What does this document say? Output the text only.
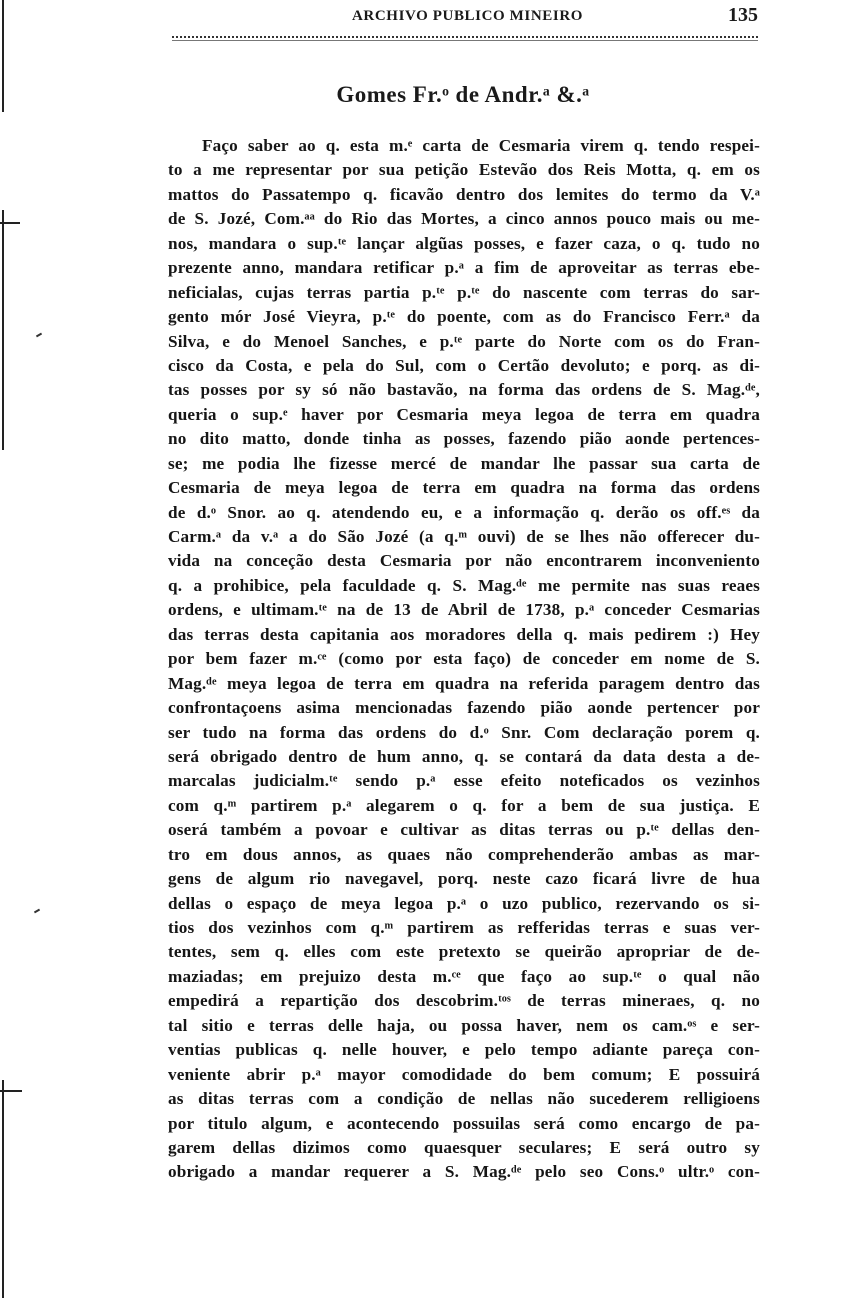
ARCHIVO PUBLICO MINEIRO	135
Gomes Fr.ᵒ de Andr.ᵃ &.ᵃ
Faço saber ao q. esta m.ᵉ carta de Cesmaria virem q. tendo respei-
to a me representar por sua petição Estevão dos Reis Motta, q. em os
mattos do Passatempo q. ficavão dentro dos lemites do termo da V.ᵃ
de S. Jozé, Com.ᵃᵃ do Rio das Mortes, a cinco annos pouco mais ou me-
nos, mandara o sup.ᵗᵉ lançar algũas posses, e fazer caza, o q. tudo no
prezente anno, mandara retificar p.ᵃ a fim de aproveitar as terras ebe-
neficialas, cujas terras partia p.ᵗᵉ p.ᵗᵉ do nascente com terras do sar-
gento mór José Vieyra, p.ᵗᵉ do poente, com as do Francisco Ferr.ᵃ da
Silva, e do Menoel Sanches, e p.ᵗᵉ parte do Norte com os do Fran-
cisco da Costa, e pela do Sul, com o Certão devoluto; e porq. as di-
tas posses por sy só não bastavão, na forma das ordens de S. Mag.ᵈᵉ,
queria o sup.ᵉ haver por Cesmaria meya legoa de terra em quadra
no dito matto, donde tinha as posses, fazendo pião aonde pertences-
se; me podia lhe fizesse mercé de mandar lhe passar sua carta de
Cesmaria de meya legoa de terra em quadra na forma das ordens
de d.ᵒ Snor. ao q. atendendo eu, e a informação q. derão os off.ᵉˢ da
Carm.ᵃ da v.ᵃ a do São Jozé (a q.ᵐ ouvi) de se lhes não offerecer du-
vida na conceção desta Cesmaria por não encontrarem inconveniento
q. a prohibice, pela faculdade q. S. Mag.ᵈᵉ me permite nas suas reaes
ordens, e ultimam.ᵗᵉ na de 13 de Abril de 1738, p.ᵃ conceder Cesmarias
das terras desta capitania aos moradores della q. mais pedirem :) Hey
por bem fazer m.ᶜᵉ (como por esta faço) de conceder em nome de S.
Mag.ᵈᵉ meya legoa de terra em quadra na referida paragem dentro das
confrontaçoens asima mencionadas fazendo pião aonde pertencer por
ser tudo na forma das ordens do d.ᵒ Snr. Com declaração porem q.
será obrigado dentro de hum anno, q. se contará da data desta a de-
marcalas judicialm.ᵗᵉ sendo p.ᵃ esse efeito noteficados os vezinhos
com q.ᵐ partirem p.ᵃ alegarem o q. for a bem de sua justiça. E
oserá também a povoar e cultivar as ditas terras ou p.ᵗᵉ dellas den-
tro em dous annos, as quaes não comprehenderão ambas as mar-
gens de algum rio navegavel, porq. neste cazo ficará livre de hua
dellas o espaço de meya legoa p.ᵃ o uzo publico, rezervando os si-
tios dos vezinhos com q.ᵐ partirem as refferidas terras e suas ver-
tentes, sem q. elles com este pretexto se queirão apropriar de de-
maziadas; em prejuizo desta m.ᶜᵉ que faço ao sup.ᵗᵉ o qual não
empedirá a repartição dos descobrim.ᵗᵒˢ de terras mineraes, q. no
tal sitio e terras delle haja, ou possa haver, nem os cam.ᵒˢ e ser-
ventias publicas q. nelle houver, e pelo tempo adiante pareça con-
veniente abrir p.ᵃ mayor comodidade do bem comum; E possuirá
as ditas terras com a condição de nellas não sucederem relligioens
por titulo algum, e acontecendo possuilas será como encargo de pa-
garem dellas dizimos como quaesquer seculares; E será outro sy
obrigado a mandar requerer a S. Mag.ᵈᵉ pelo seo Cons.ᵒ ultr.ᵒ con-
